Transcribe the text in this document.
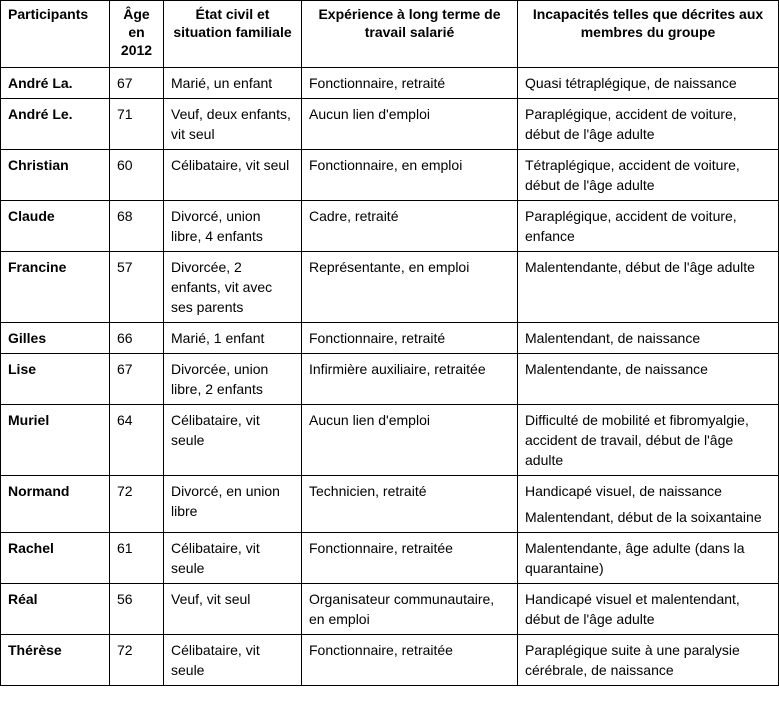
Participants	Âge en 2012	État civil et situation familiale	Expérience à long terme de travail salarié	Incapacités telles que décrites aux membres du groupe
André La.	67	Marié, un enfant	Fonctionnaire, retraité	Quasi tétraplégique, de naissance

André Le.	71	Veuf, deux enfants, vit seul	Aucun lien d'emploi	Paraplégique, accident de voiture, début de l'âge adulte

Christian	60	Célibataire, vit seul	Fonctionnaire, en emploi	Tétraplégique, accident de voiture, début de l'âge adulte

Claude	68	Divorcé, union libre, 4 enfants	Cadre, retraité	Paraplégique, accident de voiture, enfance

Francine	57	Divorcée, 2 enfants, vit avec ses parents	Représentante, en emploi	Malentendante, début de l'âge adulte

Gilles	66	Marié, 1 enfant	Fonctionnaire, retraité	Malentendant, de naissance

Lise	67	Divorcée, union libre, 2 enfants	Infirmière auxiliaire, retraitée	Malentendante, de naissance

Muriel	64	Célibataire, vit seule	Aucun lien d'emploi	Difficulté de mobilité et fibromyalgie, accident de travail, début de l'âge adulte

Normand	72	Divorcé, en union libre	Technicien, retraité	Handicapé visuel, de naissance
Malentendant, début de la soixantaine

Rachel	61	Célibataire, vit seule	Fonctionnaire, retraitée	Malentendante, âge adulte (dans la quarantaine)

Réal	56	Veuf, vit seul	Organisateur communautaire, en emploi	Handicapé visuel et malentendant, début de l'âge adulte

Thérèse	72	Célibataire, vit seule	Fonctionnaire, retraitée	Paraplégique suite à une paralysie cérébrale, de naissance
